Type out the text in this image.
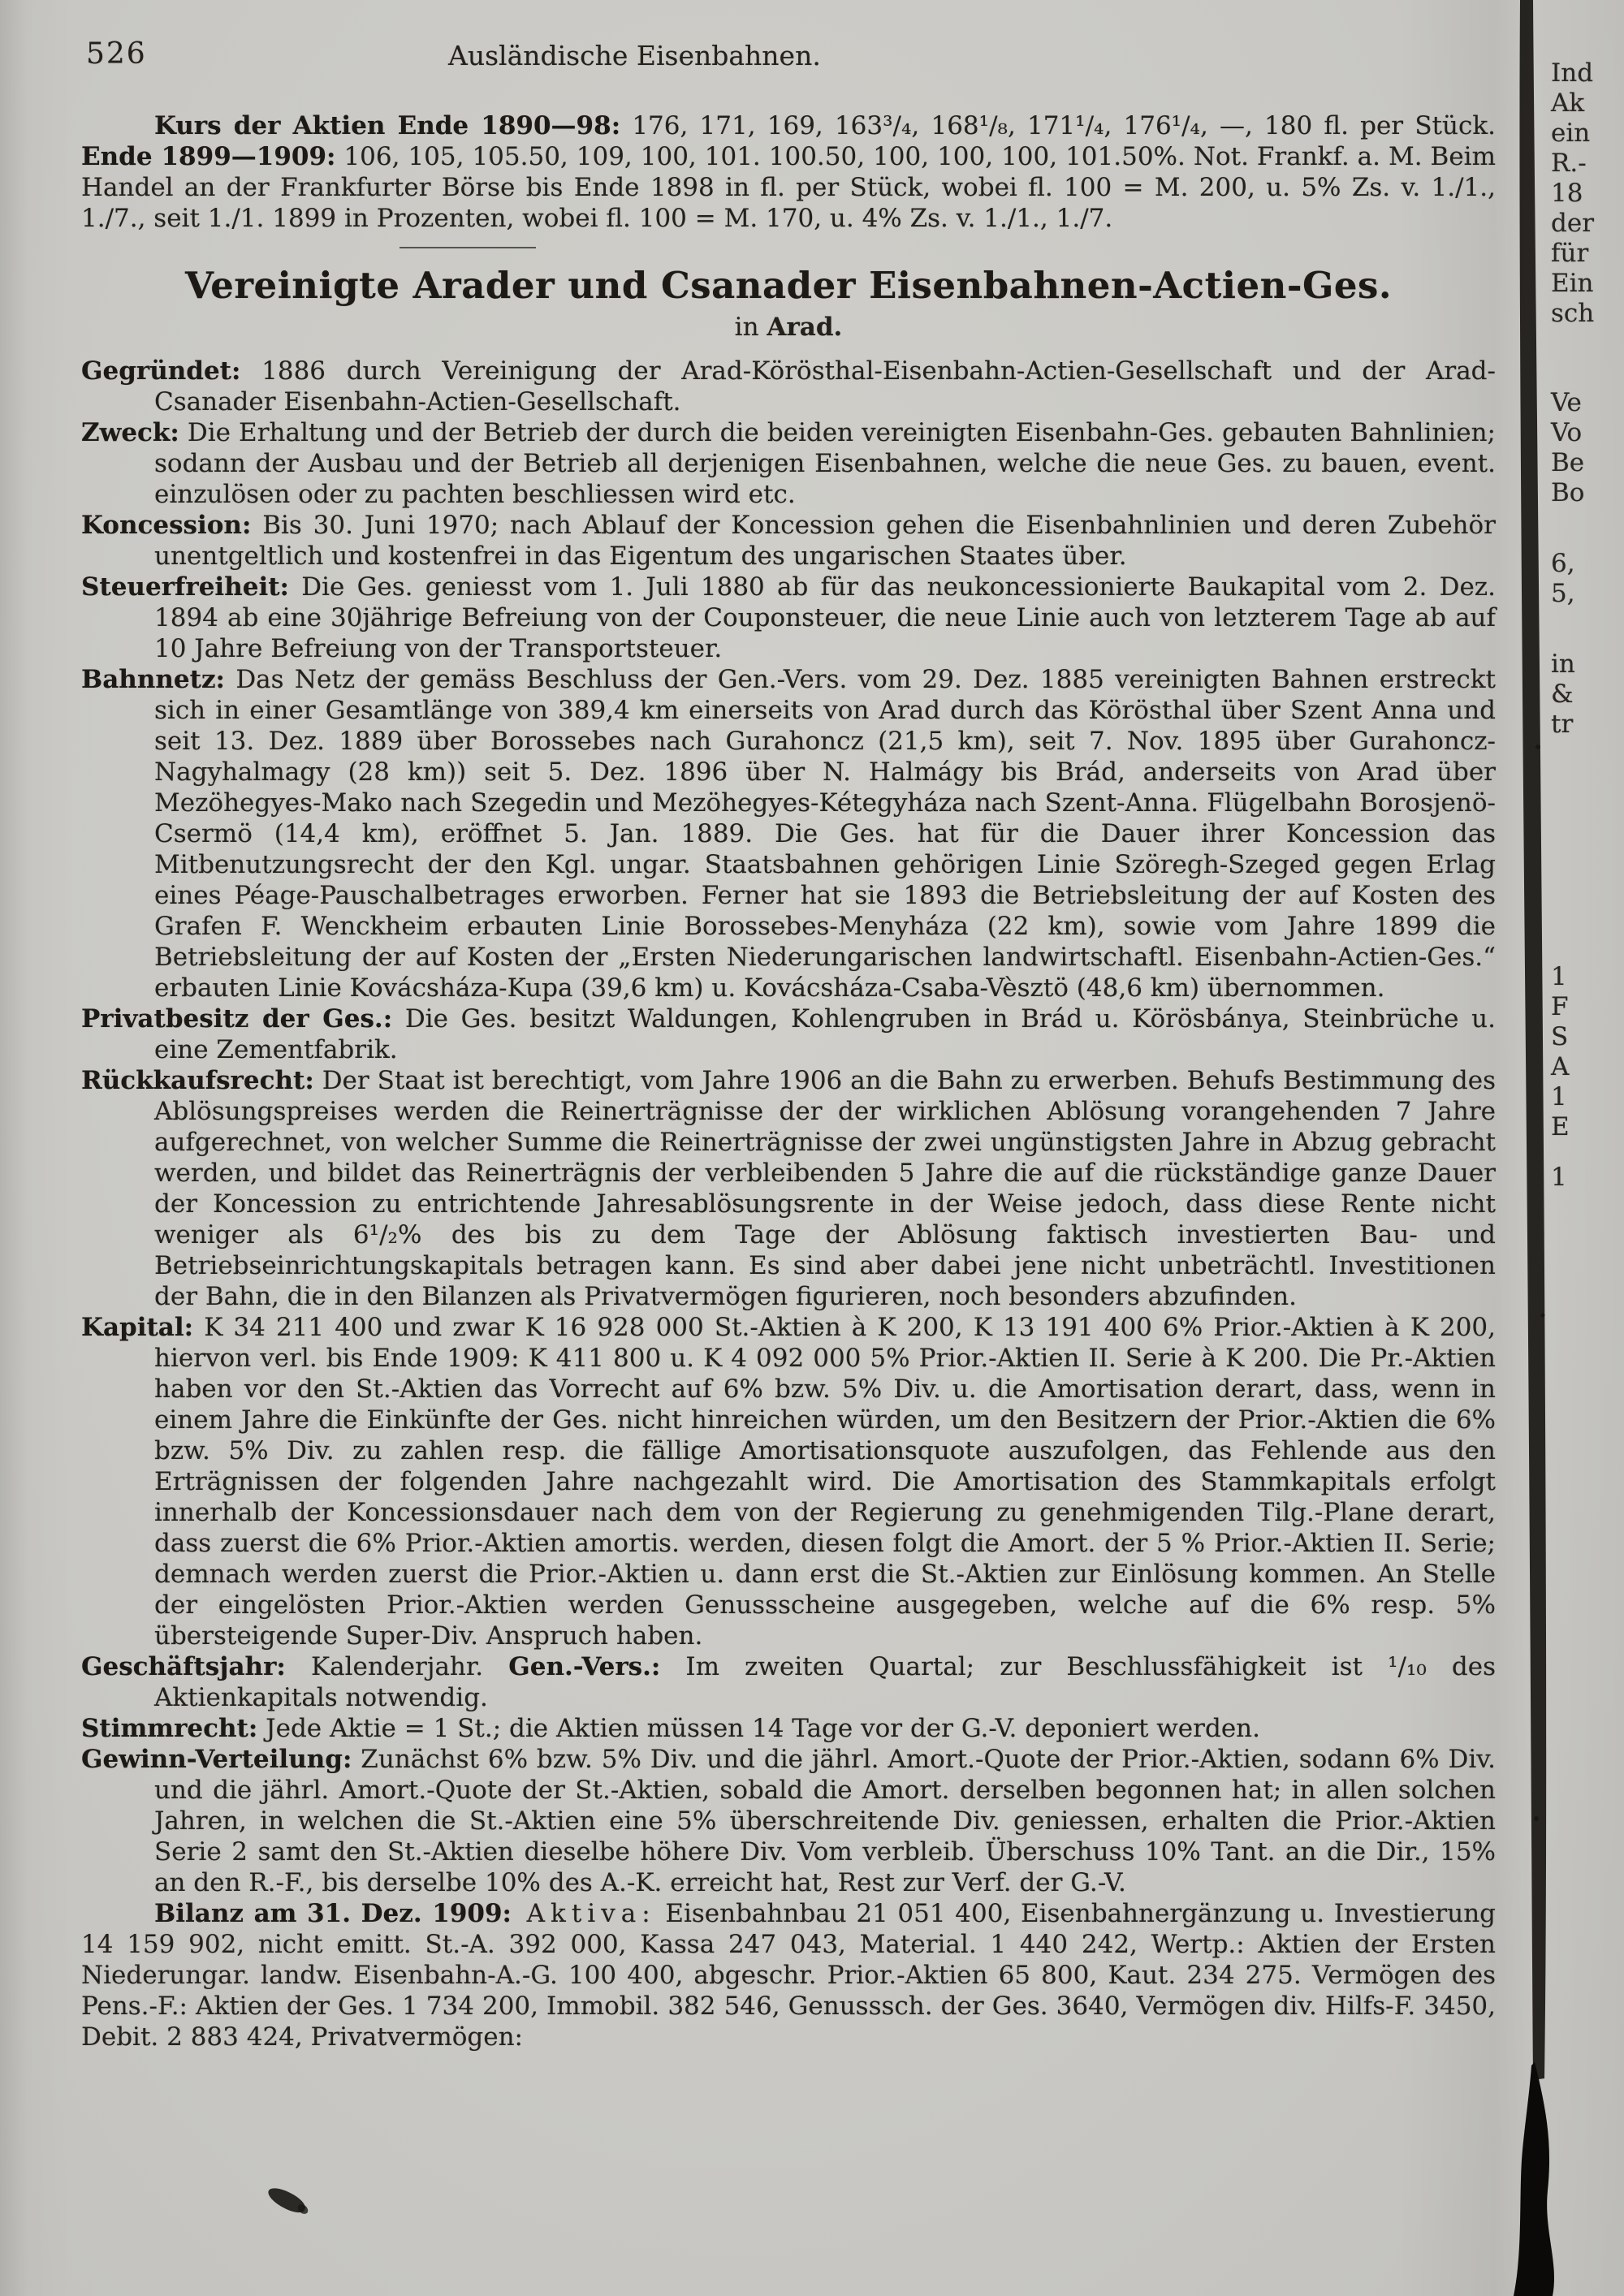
526	Ausländische Eisenbahnen.

Kurs der Aktien Ende 1890—98: 176, 171, 169, 163³/₄, 168¹/₈, 171¹/₄, 176¹/₄, —, 180 fl. per Stück. Ende 1899—1909: 106, 105, 105.50, 109, 100, 101. 100.50, 100, 100, 100, 101.50%. Not. Frankf. a. M. Beim Handel an der Frankfurter Börse bis Ende 1898 in fl. per Stück, wobei fl. 100 = M. 200, u. 5% Zs. v. 1./1., 1./7., seit 1./1. 1899 in Prozenten, wobei fl. 100 = M. 170, u. 4% Zs. v. 1./1., 1./7.

Vereinigte Arader und Csanader Eisenbahnen-Actien-Ges.
in Arad.

Gegründet: 1886 durch Vereinigung der Arad-Körösthal-Eisenbahn-Actien-Gesellschaft und der Arad-Csanader Eisenbahn-Actien-Gesellschaft.

Zweck: Die Erhaltung und der Betrieb der durch die beiden vereinigten Eisenbahn-Ges. gebauten Bahnlinien; sodann der Ausbau und der Betrieb all derjenigen Eisenbahnen, welche die neue Ges. zu bauen, event. einzulösen oder zu pachten beschliessen wird etc.

Koncession: Bis 30. Juni 1970; nach Ablauf der Koncession gehen die Eisenbahnlinien und deren Zubehör unentgeltlich und kostenfrei in das Eigentum des ungarischen Staates über.

Steuerfreiheit: Die Ges. geniesst vom 1. Juli 1880 ab für das neukoncessionierte Baukapital vom 2. Dez. 1894 ab eine 30jährige Befreiung von der Couponsteuer, die neue Linie auch von letzterem Tage ab auf 10 Jahre Befreiung von der Transportsteuer.

Bahnnetz: Das Netz der gemäss Beschluss der Gen.-Vers. vom 29. Dez. 1885 vereinigten Bahnen erstreckt sich in einer Gesamtlänge von 389,4 km einerseits von Arad durch das Körösthal über Szent Anna und seit 13. Dez. 1889 über Borossebes nach Gurahoncz (21,5 km), seit 7. Nov. 1895 über Gurahoncz-Nagyhalmagy (28 km)) seit 5. Dez. 1896 über N. Halmágy bis Brád, anderseits von Arad über Mezöhegyes-Mako nach Szegedin und Mezöhegyes-Kétegyháza nach Szent-Anna. Flügelbahn Borosjenö-Csermö (14,4 km), eröffnet 5. Jan. 1889. Die Ges. hat für die Dauer ihrer Koncession das Mitbenutzungsrecht der den Kgl. ungar. Staatsbahnen gehörigen Linie Szöregh-Szeged gegen Erlag eines Péage-Pauschalbetrages erworben. Ferner hat sie 1893 die Betriebsleitung der auf Kosten des Grafen F. Wenckheim erbauten Linie Borossebes-Menyháza (22 km), sowie vom Jahre 1899 die Betriebsleitung der auf Kosten der „Ersten Niederungarischen landwirtschaftl. Eisenbahn-Actien-Ges.“ erbauten Linie Kovácsháza-Kupa (39,6 km) u. Kovácsháza-Csaba-Vèsztö (48,6 km) übernommen.

Privatbesitz der Ges.: Die Ges. besitzt Waldungen, Kohlengruben in Brád u. Körösbánya, Steinbrüche u. eine Zementfabrik.

Rückkaufsrecht: Der Staat ist berechtigt, vom Jahre 1906 an die Bahn zu erwerben. Behufs Bestimmung des Ablösungspreises werden die Reinerträgnisse der der wirklichen Ablösung vorangehenden 7 Jahre aufgerechnet, von welcher Summe die Reinerträgnisse der zwei ungünstigsten Jahre in Abzug gebracht werden, und bildet das Reinerträgnis der verbleibenden 5 Jahre die auf die rückständige ganze Dauer der Koncession zu entrichtende Jahresablösungsrente in der Weise jedoch, dass diese Rente nicht weniger als 6¹/₂% des bis zu dem Tage der Ablösung faktisch investierten Bau- und Betriebseinrichtungskapitals betragen kann. Es sind aber dabei jene nicht unbeträchtl. Investitionen der Bahn, die in den Bilanzen als Privatvermögen figurieren, noch besonders abzufinden.

Kapital: K 34 211 400 und zwar K 16 928 000 St.-Aktien à K 200, K 13 191 400 6% Prior.-Aktien à K 200, hiervon verl. bis Ende 1909: K 411 800 u. K 4 092 000 5% Prior.-Aktien II. Serie à K 200. Die Pr.-Aktien haben vor den St.-Aktien das Vorrecht auf 6% bzw. 5% Div. u. die Amortisation derart, dass, wenn in einem Jahre die Einkünfte der Ges. nicht hinreichen würden, um den Besitzern der Prior.-Aktien die 6% bzw. 5% Div. zu zahlen resp. die fällige Amortisationsquote auszufolgen, das Fehlende aus den Erträgnissen der folgenden Jahre nachgezahlt wird. Die Amortisation des Stammkapitals erfolgt innerhalb der Koncessionsdauer nach dem von der Regierung zu genehmigenden Tilg.-Plane derart, dass zuerst die 6% Prior.-Aktien amortis. werden, diesen folgt die Amort. der 5 % Prior.-Aktien II. Serie; demnach werden zuerst die Prior.-Aktien u. dann erst die St.-Aktien zur Einlösung kommen. An Stelle der eingelösten Prior.-Aktien werden Genussscheine ausgegeben, welche auf die 6% resp. 5% übersteigende Super-Div. Anspruch haben.

Geschäftsjahr: Kalenderjahr. Gen.-Vers.: Im zweiten Quartal; zur Beschlussfähigkeit ist ¹/₁₀ des Aktienkapitals notwendig.

Stimmrecht: Jede Aktie = 1 St.; die Aktien müssen 14 Tage vor der G.-V. deponiert werden.

Gewinn-Verteilung: Zunächst 6% bzw. 5% Div. und die jährl. Amort.-Quote der Prior.-Aktien, sodann 6% Div. und die jährl. Amort.-Quote der St.-Aktien, sobald die Amort. derselben begonnen hat; in allen solchen Jahren, in welchen die St.-Aktien eine 5% überschreitende Div. geniessen, erhalten die Prior.-Aktien Serie 2 samt den St.-Aktien dieselbe höhere Div. Vom verbleib. Überschuss 10% Tant. an die Dir., 15% an den R.-F., bis derselbe 10% des A.-K. erreicht hat, Rest zur Verf. der G.-V.

Bilanz am 31. Dez. 1909: Aktiva: Eisenbahnbau 21 051 400, Eisenbahnergänzung u. Investierung 14 159 902, nicht emitt. St.-A. 392 000, Kassa 247 043, Material. 1 440 242, Wertp.: Aktien der Ersten Niederungar. landw. Eisenbahn-A.-G. 100 400, abgeschr. Prior.-Aktien 65 800, Kaut. 234 275. Vermögen des Pens.-F.: Aktien der Ges. 1 734 200, Immobil. 382 546, Genusssch. der Ges. 3640, Vermögen div. Hilfs-F. 3450, Debit. 2 883 424, Privatvermögen:

Ind
Ak
ein
R.-
18
der
für
Ein
sch
Ve
Vo
Be
Bo
6,
5,
in
&
tr
1
F
S
A
1
E
1
